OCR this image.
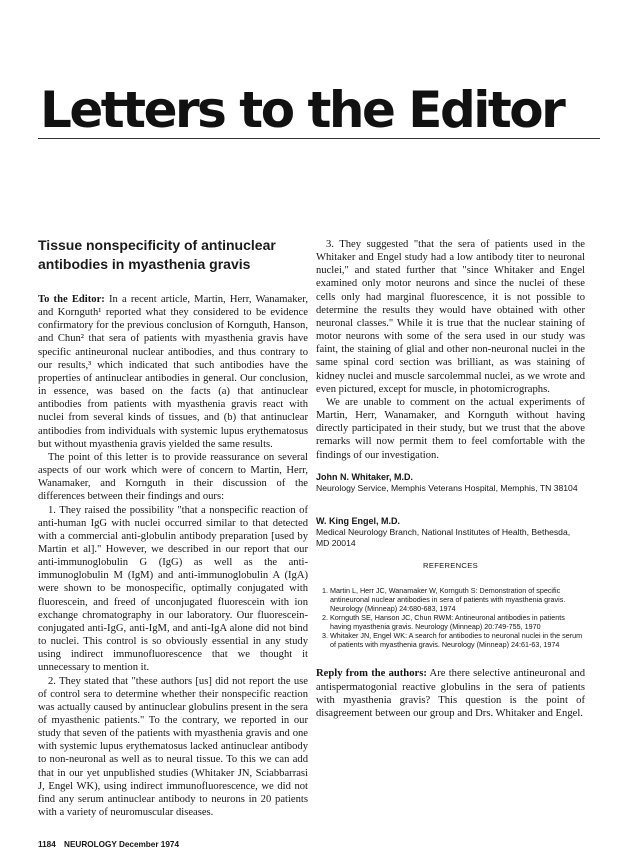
Letters to the Editor
Tissue nonspecificity of antinuclear antibodies in myasthenia gravis

To the Editor: In a recent article, Martin, Herr, Wanamaker, and Kornguth¹ reported what they considered to be evidence confirmatory for the previous conclusion of Kornguth, Hanson, and Chun² that sera of patients with myasthenia gravis have specific antineuronal nuclear antibodies, and thus contrary to our results,³ which indicated that such antibodies have the properties of antinuclear antibodies in general. Our conclusion, in essence, was based on the facts (a) that antinuclear antibodies from patients with myasthenia gravis react with nuclei from several kinds of tissues, and (b) that antinuclear antibodies from individuals with systemic lupus erythematosus but without myasthenia gravis yielded the same results.

The point of this letter is to provide reassurance on several aspects of our work which were of concern to Martin, Herr, Wanamaker, and Kornguth in their discussion of the differences between their findings and ours:

1. They raised the possibility "that a nonspecific reaction of anti-human IgG with nuclei occurred similar to that detected with a commercial anti-globulin antibody preparation [used by Martin et al]." However, we described in our report that our anti-immunoglobulin G (IgG) as well as the anti-immunoglobulin M (IgM) and anti-immunoglobulin A (IgA) were shown to be monospecific, optimally conjugated with fluorescein, and freed of unconjugated fluorescein with ion exchange chromatography in our laboratory. Our fluorescein-conjugated anti-IgG, anti-IgM, and anti-IgA alone did not bind to nuclei. This control is so obviously essential in any study using indirect immunofluorescence that we thought it unnecessary to mention it.

2. They stated that "these authors [us] did not report the use of control sera to determine whether their nonspecific reaction was actually caused by antinuclear globulins present in the sera of myasthenic patients." To the contrary, we reported in our study that seven of the patients with myasthenia gravis and one with systemic lupus erythematosus lacked antinuclear antibody to non-neuronal as well as to neural tissue. To this we can add that in our yet unpublished studies (Whitaker JN, Sciabbarrasi J, Engel WK), using indirect immunofluorescence, we did not find any serum antinuclear antibody to neurons in 20 patients with a variety of neuromuscular diseases.

3. They suggested "that the sera of patients used in the Whitaker and Engel study had a low antibody titer to neuronal nuclei," and stated further that "since Whitaker and Engel examined only motor neurons and since the nuclei of these cells only had marginal fluorescence, it is not possible to determine the results they would have obtained with other neuronal classes." While it is true that the nuclear staining of motor neurons with some of the sera used in our study was faint, the staining of glial and other non-neuronal nuclei in the same spinal cord section was brilliant, as was staining of kidney nuclei and muscle sarcolemmal nuclei, as we wrote and even pictured, except for muscle, in photomicrographs.

We are unable to comment on the actual experiments of Martin, Herr, Wanamaker, and Kornguth without having directly participated in their study, but we trust that the above remarks will now permit them to feel comfortable with the findings of our investigation.

John N. Whitaker, M.D.
Neurology Service, Memphis Veterans Hospital, Memphis, TN 38104
W. King Engel, M.D.
Medical Neurology Branch, National Institutes of Health, Bethesda, MD 20014
REFERENCES
1. Martin L, Herr JC, Wanamaker W, Kornguth S: Demonstration of specific antineuronal nuclear antibodies in sera of patients with myasthenia gravis. Neurology (Minneap) 24:680-683, 1974
2. Kornguth SE, Hanson JC, Chun RWM: Antineuronal antibodies in patients having myasthenia gravis. Neurology (Minneap) 20:749-755, 1970
3. Whitaker JN, Engel WK: A search for antibodies to neuronal nuclei in the serum of patients with myasthenia gravis. Neurology (Minneap) 24:61-63, 1974

Reply from the authors: Are there selective antineuronal and antispermatogonial reactive globulins in the sera of patients with myasthenia gravis? This question is the point of disagreement between our group and Drs. Whitaker and Engel.

1184 NEUROLOGY December 1974
